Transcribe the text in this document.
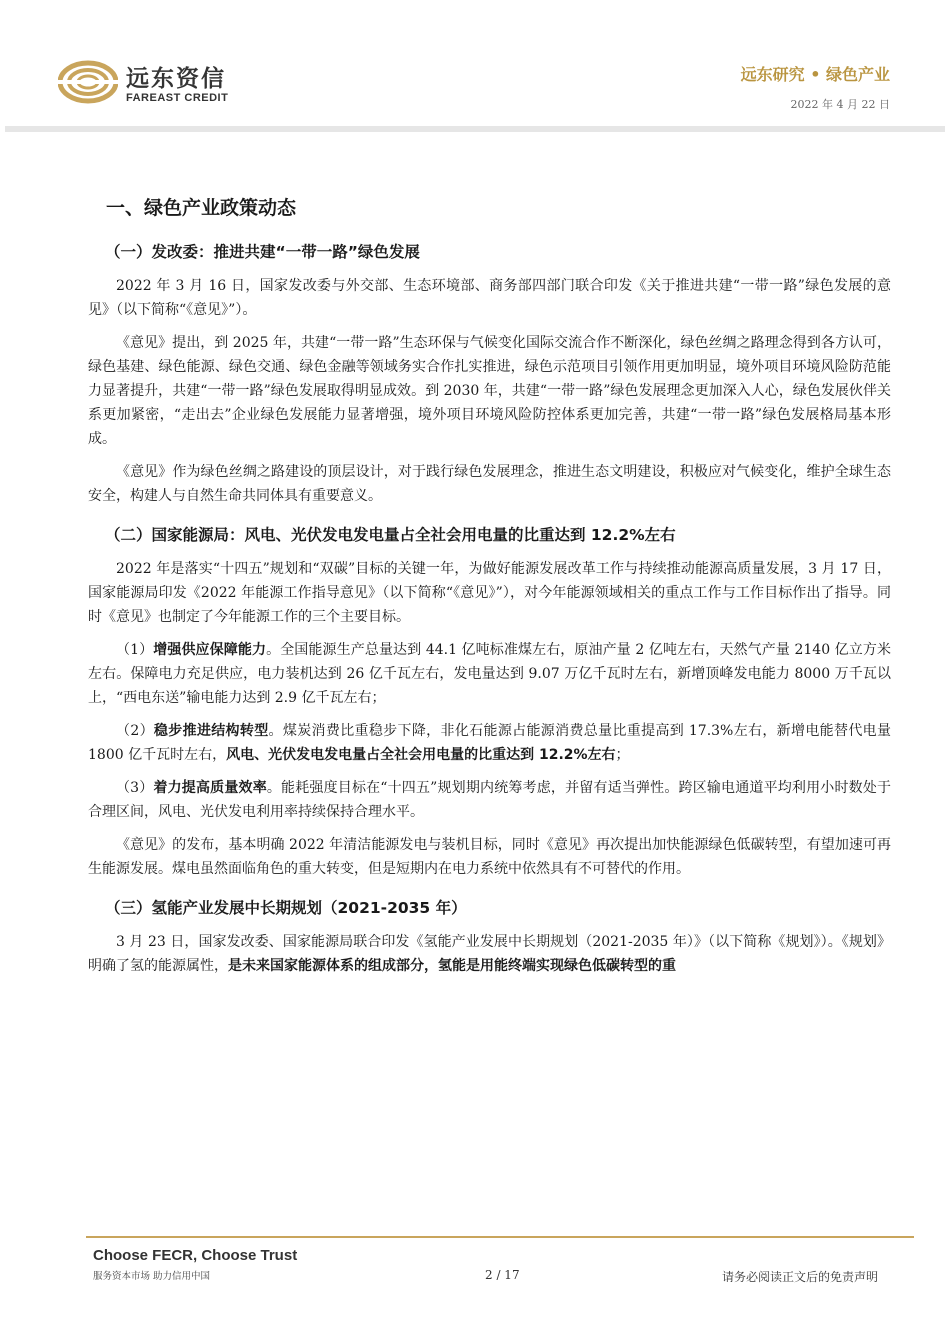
远东资信
FAREAST CREDIT
远东研究 • 绿色产业
2022 年 4 月 22 日
一、绿色产业政策动态
（一）发改委：推进共建“一带一路”绿色发展

2022 年 3 月 16 日，国家发改委与外交部、生态环境部、商务部四部门联合印发《关于推进共建“一带一路”绿色发展的意见》（以下简称“《意见》”）。

《意见》提出，到 2025 年，共建“一带一路”生态环保与气候变化国际交流合作不断深化，绿色丝绸之路理念得到各方认可，绿色基建、绿色能源、绿色交通、绿色金融等领域务实合作扎实推进，绿色示范项目引领作用更加明显，境外项目环境风险防范能力显著提升，共建“一带一路”绿色发展取得明显成效。到 2030 年，共建“一带一路”绿色发展理念更加深入人心，绿色发展伙伴关系更加紧密，“走出去”企业绿色发展能力显著增强，境外项目环境风险防控体系更加完善，共建“一带一路”绿色发展格局基本形成。

《意见》作为绿色丝绸之路建设的顶层设计，对于践行绿色发展理念，推进生态文明建设，积极应对气候变化，维护全球生态安全，构建人与自然生命共同体具有重要意义。

（二）国家能源局：风电、光伏发电发电量占全社会用电量的比重达到 12.2%左右

2022 年是落实“十四五”规划和“双碳”目标的关键一年，为做好能源发展改革工作与持续推动能源高质量发展，3 月 17 日，国家能源局印发《2022 年能源工作指导意见》（以下简称“《意见》”），对今年能源领域相关的重点工作与工作目标作出了指导。同时《意见》也制定了今年能源工作的三个主要目标。

（1）增强供应保障能力。全国能源生产总量达到 44.1 亿吨标准煤左右，原油产量 2 亿吨左右，天然气产量 2140 亿立方米左右。保障电力充足供应，电力装机达到 26 亿千瓦左右，发电量达到 9.07 万亿千瓦时左右，新增顶峰发电能力 8000 万千瓦以上，“西电东送”输电能力达到 2.9 亿千瓦左右；

（2）稳步推进结构转型。煤炭消费比重稳步下降，非化石能源占能源消费总量比重提高到 17.3%左右，新增电能替代电量 1800 亿千瓦时左右，风电、光伏发电发电量占全社会用电量的比重达到 12.2%左右；

（3）着力提高质量效率。能耗强度目标在“十四五”规划期内统筹考虑，并留有适当弹性。跨区输电通道平均利用小时数处于合理区间，风电、光伏发电利用率持续保持合理水平。

《意见》的发布，基本明确 2022 年清洁能源发电与装机目标，同时《意见》再次提出加快能源绿色低碳转型，有望加速可再生能源发展。煤电虽然面临角色的重大转变，但是短期内在电力系统中依然具有不可替代的作用。

（三）氢能产业发展中长期规划（2021-2035 年）

3 月 23 日，国家发改委、国家能源局联合印发《氢能产业发展中长期规划（2021-2035 年）》（以下简称《规划》）。《规划》明确了氢的能源属性，是未来国家能源体系的组成部分，氢能是用能终端实现绿色低碳转型的重

Choose FECR, Choose Trust
服务资本市场 助力信用中国	2 / 17	请务必阅读正文后的免责声明
